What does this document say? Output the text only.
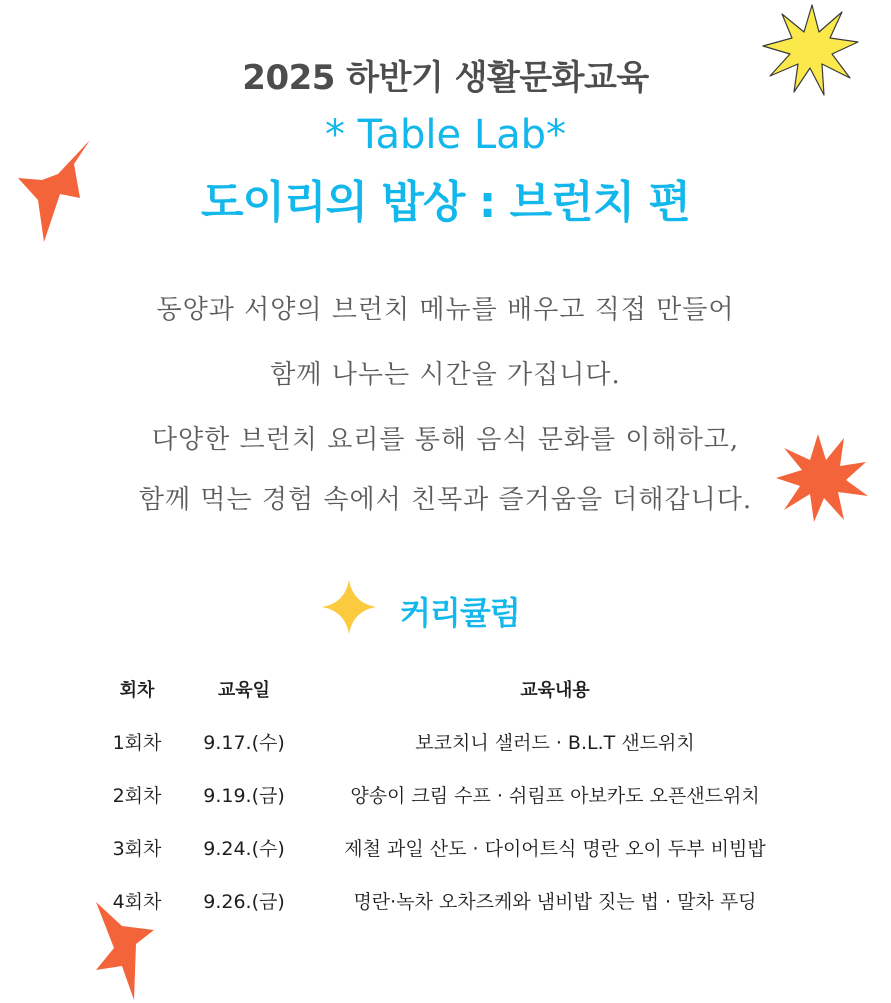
2025 하반기 생활문화교육
* Table Lab*
도이리의 밥상 : 브런치 편
동양과 서양의 브런치 메뉴를 배우고 직접 만들어
함께 나누는 시간을 가집니다.
다양한 브런치 요리를 통해 음식 문화를 이해하고,
함께 먹는 경험 속에서 친목과 즐거움을 더해갑니다.
커리큘럼
회차	교육일	교육내용
1회차	9.17.(수)	보코치니 샐러드 · B.L.T 샌드위치
2회차	9.19.(금)	양송이 크림 수프 · 쉬림프 아보카도 오픈샌드위치
3회차	9.24.(수)	제철 과일 산도 · 다이어트식 명란 오이 두부 비빔밥
4회차	9.26.(금)	명란·녹차 오차즈케와 냄비밥 짓는 법 · 말차 푸딩
